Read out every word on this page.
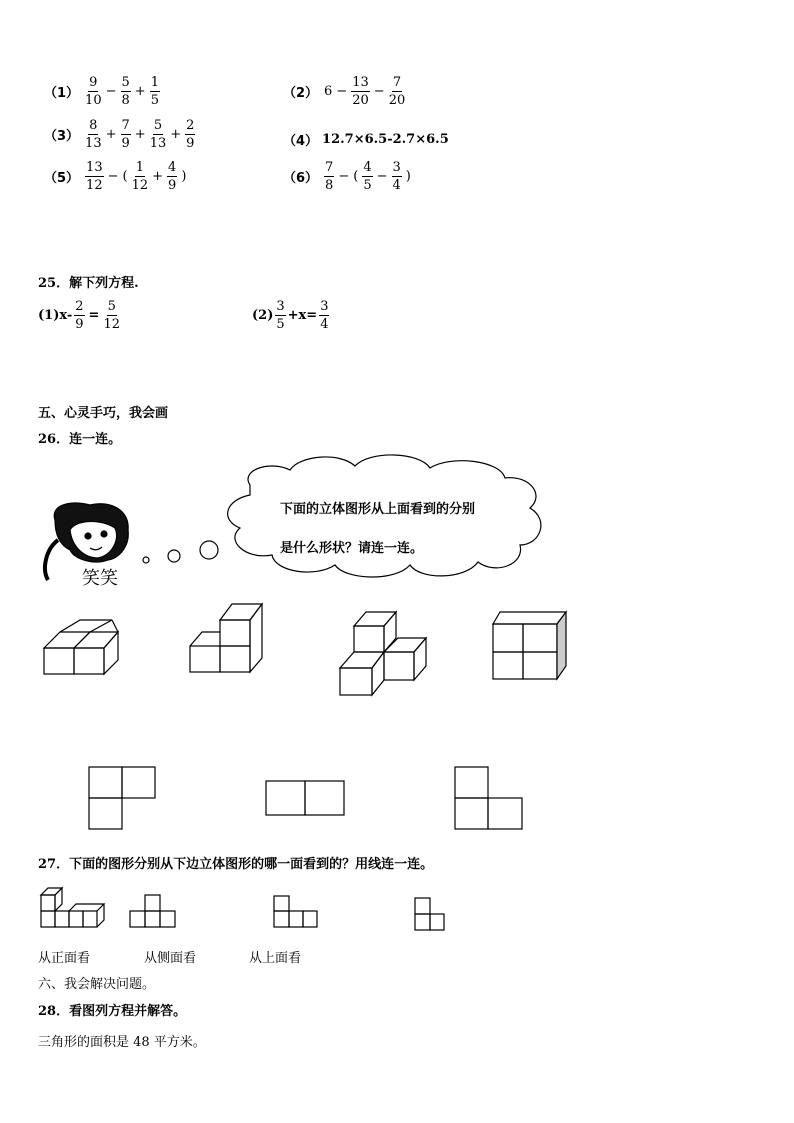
$(1) \frac{9}{10} - \frac{5}{8} + \frac{1}{5}$	（2） $6 - \frac{13}{20} - \frac{7}{20}$
$(3) \frac{8}{13} + \frac{7}{9} + \frac{5}{13} + \frac{2}{9}$	（4） 12.7×6.5-2.7×6.5
$(5) \frac{13}{12}$ − ( $\frac{1}{12} + \frac{4}{9}$ )	$(6) \frac{7}{8}$ − ( $\frac{4}{5} - \frac{3}{4}$ )
25．解下列方程.
$(1)x- \frac{2}{9} = \frac{5}{12}$	$(2) \frac{3}{5} +x= \frac{3}{4}$
五、心灵手巧，我会画
26．连一连。
下面的立体图形从上面看到的分别
是什么形状？请连一连。
笑笑
27．下面的图形分别从下边立体图形的哪一面看到的？用线连一连。
从正面看	从侧面看	从上面看
六、我会解决问题。
28．看图列方程并解答。
三角形的面积是 48 平方米。
